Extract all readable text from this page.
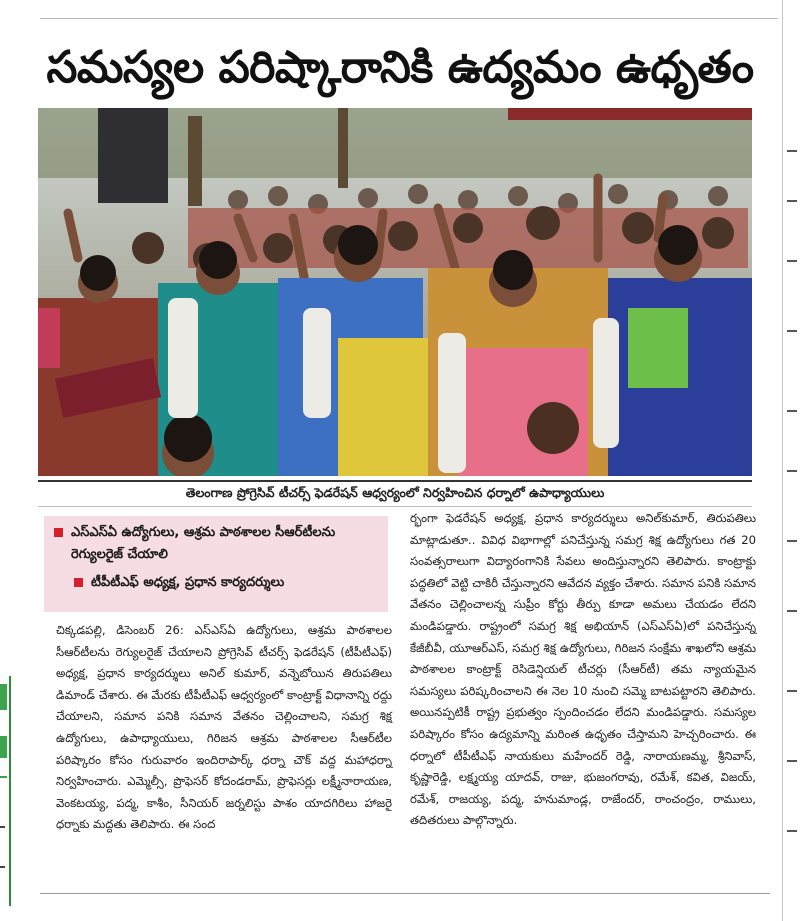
సమస్యల పరిష్కారానికి ఉద్యమం ఉధృతం
తెలంగాణ ప్రోగ్రెసివ్ టీచర్స్ ఫెడరేషన్ ఆధ్వర్యంలో నిర్వహించిన ధర్నాలో ఉపాధ్యాయులు
ఎస్ఎస్ఏ ఉద్యోగులు, ఆశ్రమ పాఠశాలల సీఆర్‌టీలను రెగ్యులరైజ్ చేయాలి
టీపీటీఎఫ్ అధ్యక్ష, ప్రధాన కార్యదర్శులు

చిక్కడపల్లి, డిసెంబర్ 26: ఎస్ఎస్ఏ ఉద్యోగులు, ఆశ్రమ పాఠశాలల సీఆర్‌టీలను రెగ్యులరైజ్ చేయాలని ప్రోగ్రెసివ్ టీచర్స్ ఫెడరేషన్ (టీపీటీఎఫ్) అధ్యక్ష, ప్రధాన కార్యదర్శులు అనిల్ కుమార్, వన్నెబోయిన తిరుపతిలు డిమాండ్ చేశారు. ఈ మేరకు టీపీటీఎఫ్ ఆధ్వర్యంలో కాంట్రాక్ట్ విధానాన్ని రద్దు చేయాలని, సమాన పనికి సమాన వేతనం చెల్లించాలని, సమగ్ర శిక్ష ఉద్యోగులు, ఉపాధ్యాయులు, గిరిజన ఆశ్రమ పాఠశాలల సీఆర్‌టీల పరిష్కారం కోసం గురువారం ఇందిరాపార్క్ ధర్నా చౌక్ వద్ద మహాధర్నా నిర్వహించారు. ఎమ్మెల్సీ, ప్రొఫెసర్ కోదండరామ్, ప్రొఫెసర్లు లక్ష్మీనారాయణ, వెంకటయ్య, పద్మ, కాశీం, సీనియర్ జర్నలిస్టు పాశం యాదగిరిలు హాజరై ధర్నాకు మద్దతు తెలిపారు. ఈ సంద

ర్భంగా ఫెడరేషన్ అధ్యక్ష, ప్రధాన కార్యదర్శులు అనిల్‌కుమార్, తిరుపతిలు మాట్లాడుతూ.. వివిధ విభాగాల్లో పనిచేస్తున్న సమగ్ర శిక్ష ఉద్యోగులు గత 20 సంవత్సరాలుగా విద్యారంగానికి సేవలు అందిస్తున్నారని తెలిపారు. కాంట్రాక్టు పద్ధతిలో వెట్టి చాకిరీ చేస్తున్నారని ఆవేదన వ్యక్తం చేశారు. సమాన పనికి సమాన వేతనం చెల్లించాలన్న సుప్రీం కోర్టు తీర్పు కూడా అమలు చేయడం లేదని మండిపడ్డారు. రాష్ట్రంలో సమగ్ర శిక్ష అభియాన్ (ఎస్ఎస్ఏ)లో పనిచేస్తున్న కేజీబీవీ, యూఆర్ఎస్, సమగ్ర శిక్ష ఉద్యోగులు, గిరిజన సంక్షేమ శాఖలోని ఆశ్రమ పాఠశాలల కాంట్రాక్ట్ రెసిడెన్షియల్ టీచర్లు (సీఆర్‌టీ) తమ న్యాయమైన సమస్యలు పరిష్కరించాలని ఈ నెల 10 నుంచి సమ్మె బాటపట్టారని తెలిపారు. అయినప్పటికీ రాష్ట్ర ప్రభుత్వం స్పందించడం లేదని మండిపడ్డారు. సమస్యల పరిష్కారం కోసం ఉద్యమాన్ని మరింత ఉధృతం చేస్తామని హెచ్చరించారు. ఈ ధర్నాలో టీపీటీఎఫ్ నాయకులు మహేందర్ రెడ్డి, నారాయణమ్మ, శ్రీనివాస్, కృష్ణారెడ్డి, లక్ష్మయ్య యాదవ్, రాజు, భుజంగరావు, రమేశ్, కవిత, విజయ్, రమేశ్, రాజయ్య, పద్మ, హనుమాండ్ల, రాజేందర్, రాంచంద్రం, రాములు, తదితరులు పాల్గొన్నారు.
